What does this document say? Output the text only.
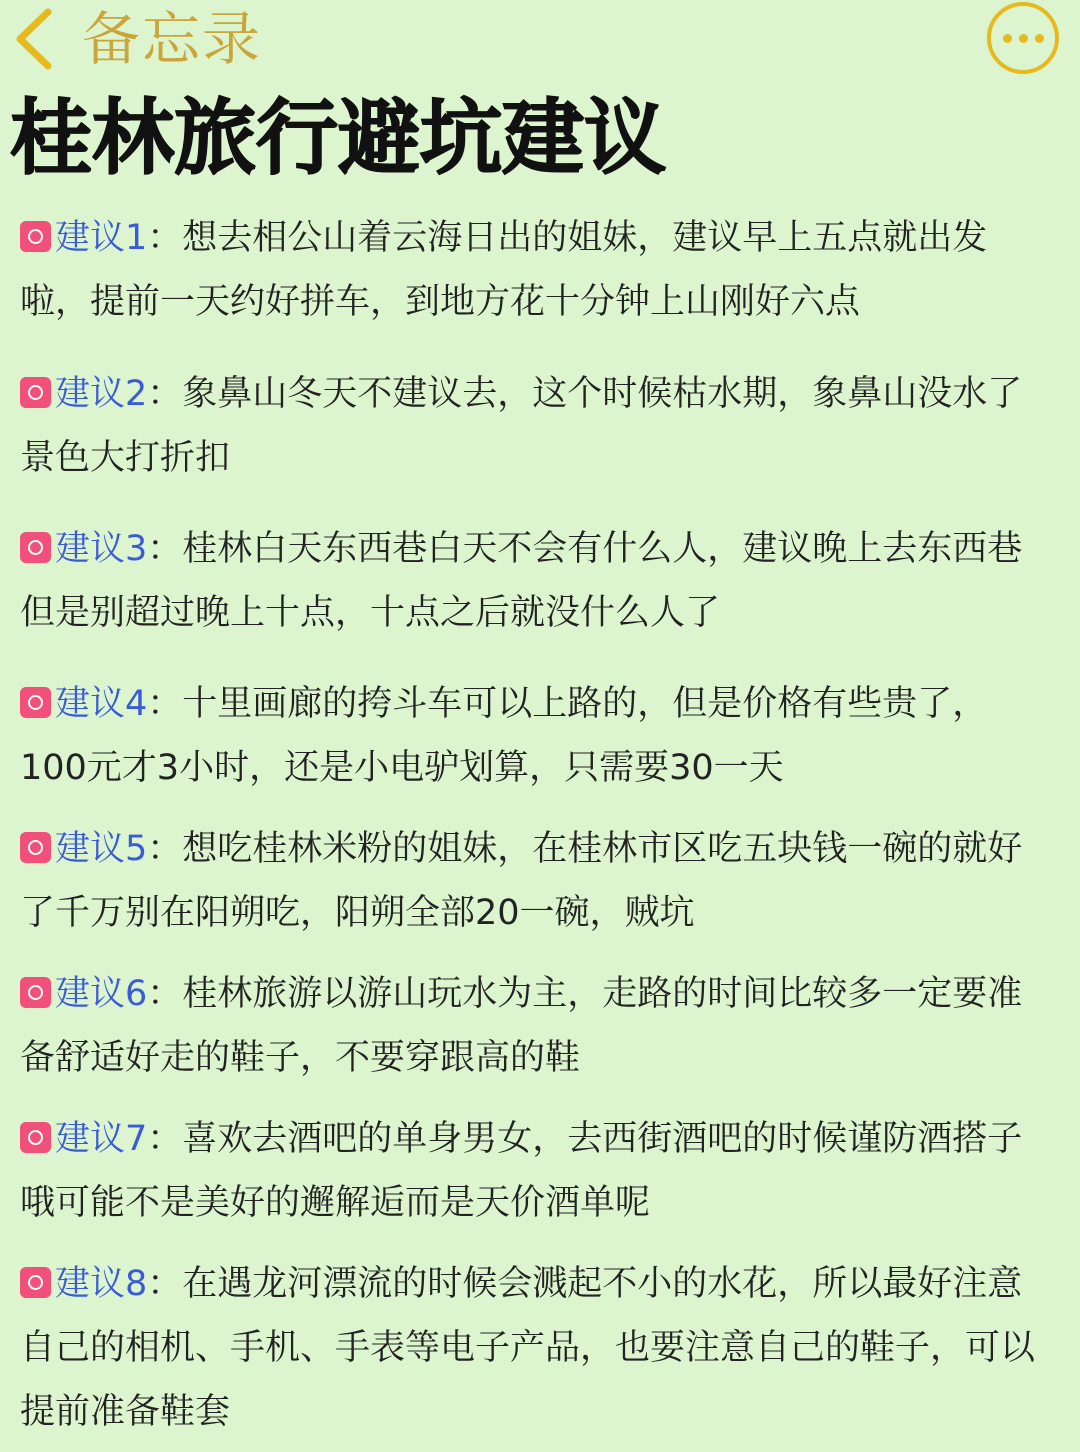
备忘录
桂林旅行避坑建议
建议1：想去相公山着云海日出的姐妹，建议早上五点就出发啦，提前一天约好拼车，到地方花十分钟上山刚好六点
建议2：象鼻山冬天不建议去，这个时候枯水期，象鼻山没水了景色大打折扣
建议3：桂林白天东西巷白天不会有什么人，建议晚上去东西巷但是别超过晚上十点，十点之后就没什么人了
建议4：十里画廊的挎斗车可以上路的，但是价格有些贵了，100元才3小时，还是小电驴划算，只需要30一天
建议5：想吃桂林米粉的姐妹，在桂林市区吃五块钱一碗的就好了千万别在阳朔吃，阳朔全部20一碗，贼坑
建议6：桂林旅游以游山玩水为主，走路的时间比较多一定要准备舒适好走的鞋子，不要穿跟高的鞋
建议7：喜欢去酒吧的单身男女，去西街酒吧的时候谨防酒搭子哦可能不是美好的邂解逅而是天价酒单呢
建议8：在遇龙河漂流的时候会溅起不小的水花，所以最好注意自己的相机、手机、手表等电子产品，也要注意自己的鞋子，可以提前准备鞋套
